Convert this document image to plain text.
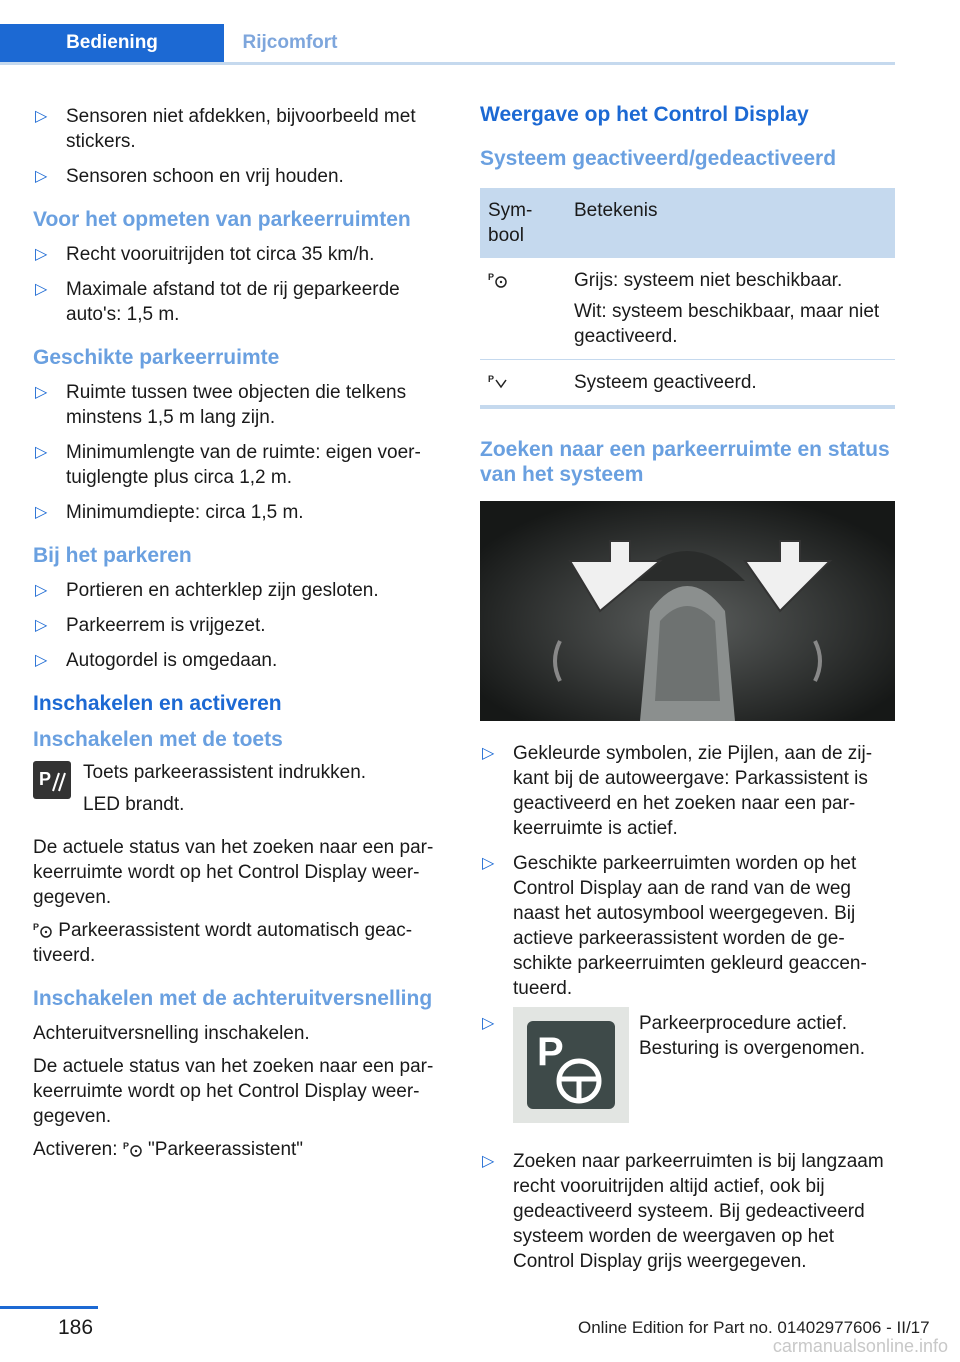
Bediening	Rijcomfort
▷ Sensoren niet afdekken, bijvoorbeeld met stickers.
▷ Sensoren schoon en vrij houden.
Voor het opmeten van parkeerruimten
▷ Recht vooruitrijden tot circa 35 km/h.
▷ Maximale afstand tot de rij geparkeerde auto's: 1,5 m.
Geschikte parkeerruimte
▷ Ruimte tussen twee objecten die telkens minstens 1,5 m lang zijn.
▷ Minimumlengte van de ruimte: eigen voertuiglengte plus circa 1,2 m.
▷ Minimumdiepte: circa 1,5 m.
Bij het parkeren
▷ Portieren en achterklep zijn gesloten.
▷ Parkeerrem is vrijgezet.
▷ Autogordel is omgedaan.
Inschakelen en activeren
Inschakelen met de toets
P Toets parkeerassistent indrukken.
LED brandt.

De actuele status van het zoeken naar een parkeerruimte wordt op het Control Display weergegeven.

P Parkeerassistent wordt automatisch geactiveerd.

Inschakelen met de achteruitversnelling

Achteruitversnelling inschakelen.

De actuele status van het zoeken naar een parkeerruimte wordt op het Control Display weergegeven.

Activeren: P "Parkeerassistent"

Weergave op het Control Display
Systeem geactiveerd/gedeactiveerd
Symbool	Betekenis

P	Grijs: systeem niet beschikbaar.
Wit: systeem beschikbaar, maar niet geactiveerd.

P	Systeem geactiveerd.
Zoeken naar een parkeerruimte en status van het systeem
▷ Gekleurde symbolen, zie Pijlen, aan de zijkant bij de autoweergave: Parkassistent is geactiveerd en het zoeken naar een parkeerruimte is actief.
▷ Geschikte parkeerruimten worden op het Control Display aan de rand van de weg naast het autosymbool weergegeven. Bij actieve parkeerassistent worden de geschikte parkeerruimten gekleurd geaccentueerd.
▷
P
Parkeerprocedure actief. Besturing is overgenomen.
▷ Zoeken naar parkeerruimten is bij langzaam recht vooruitrijden altijd actief, ook bij gedeactiveerd systeem. Bij gedeactiveerd systeem worden de weergaven op het Control Display grijs weergegeven.
186	Online Edition for Part no. 01402977606 - II/17
carmanualsonline.info
